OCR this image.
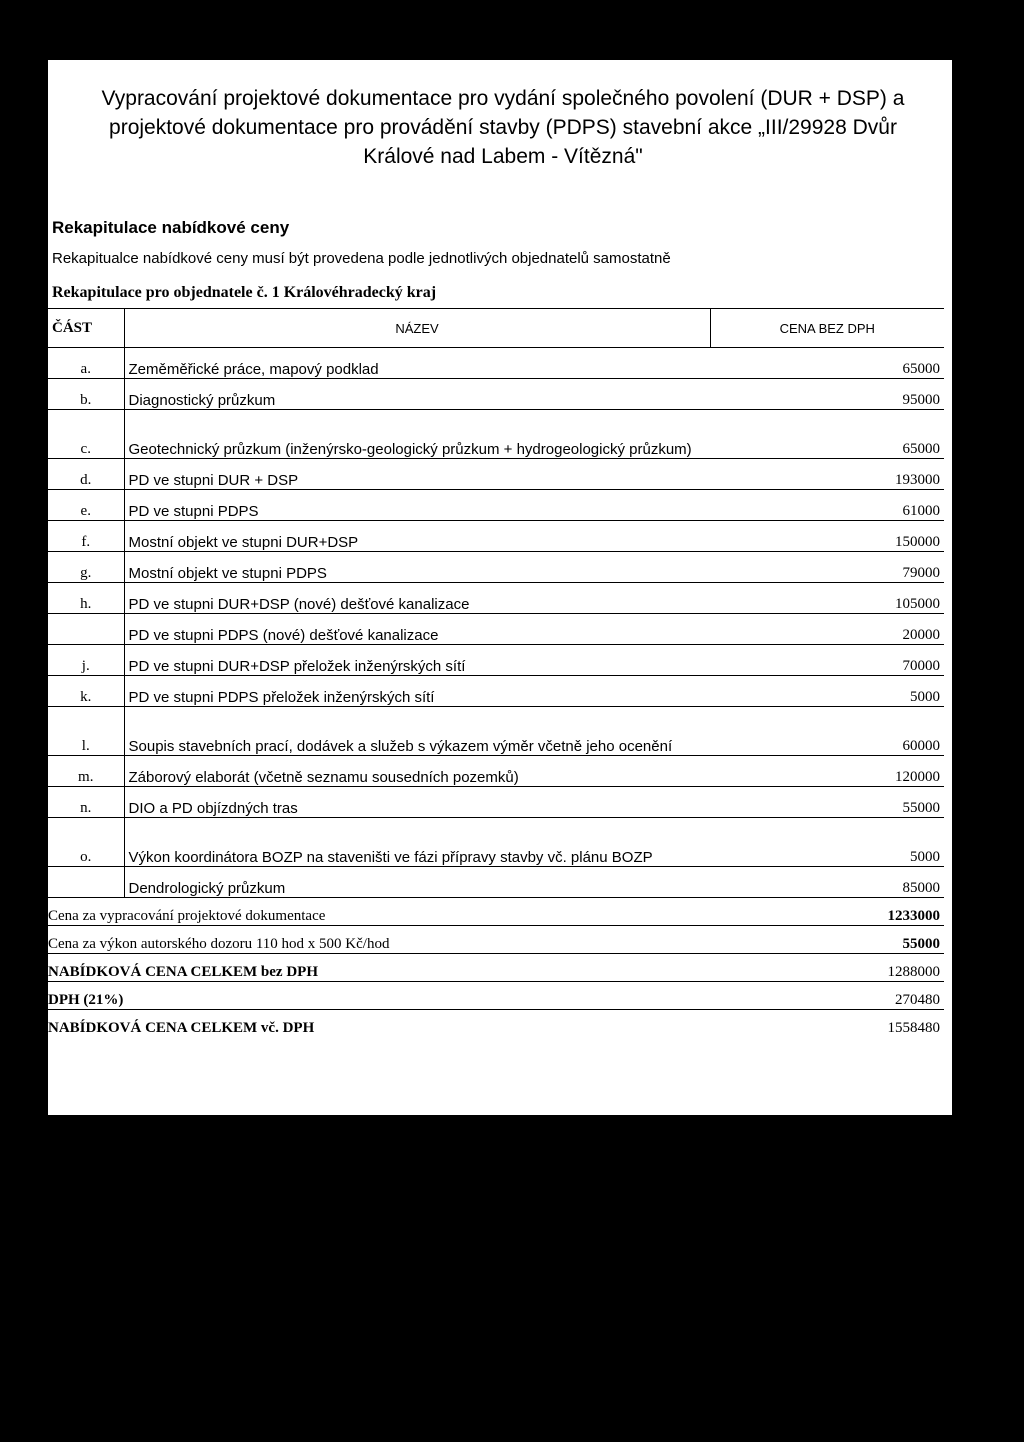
Vypracování projektové dokumentace pro vydání společného povolení (DUR + DSP) a
projektové dokumentace pro provádění stavby (PDPS) stavební akce „III/29928 Dvůr
Králové nad Labem - Vítězná"
Rekapitulace nabídkové ceny
Rekapitualce nabídkové ceny musí být provedena podle jednotlivých objednatelů samostatně
Rekapitulace pro objednatele č. 1 Královéhradecký kraj
ČÁST	NÁZEV	CENA BEZ DPH
a.	Zeměměřické práce, mapový podklad	65000
b.	Diagnostický průzkum	95000
c.	Geotechnický průzkum (inženýrsko-geologický průzkum + hydrogeologický průzkum)	65000
d.	PD ve stupni DUR + DSP	193000
e.	PD ve stupni PDPS	61000
f.	Mostní objekt ve stupni DUR+DSP	150000
g.	Mostní objekt ve stupni PDPS	79000
h.	PD ve stupni DUR+DSP (nové) dešťové kanalizace	105000
	PD ve stupni PDPS (nové) dešťové kanalizace	20000
j.	PD ve stupni DUR+DSP přeložek inženýrských sítí	70000
k.	PD ve stupni PDPS přeložek inženýrských sítí	5000
l.	Soupis stavebních prací, dodávek a služeb s výkazem výměr včetně jeho ocenění	60000
m.	Záborový elaborát (včetně seznamu sousedních pozemků)	120000
n.	DIO a PD objízdných tras	55000
o.	Výkon koordinátora BOZP na staveništi ve fázi přípravy stavby vč. plánu BOZP	5000
	Dendrologický průzkum	85000
Cena za vypracování projektové dokumentace		1233000
Cena za výkon autorského dozoru 110 hod x 500 Kč/hod		55000
NABÍDKOVÁ CENA CELKEM bez DPH		1288000
DPH (21%)		270480
NABÍDKOVÁ CENA CELKEM vč. DPH		1558480
